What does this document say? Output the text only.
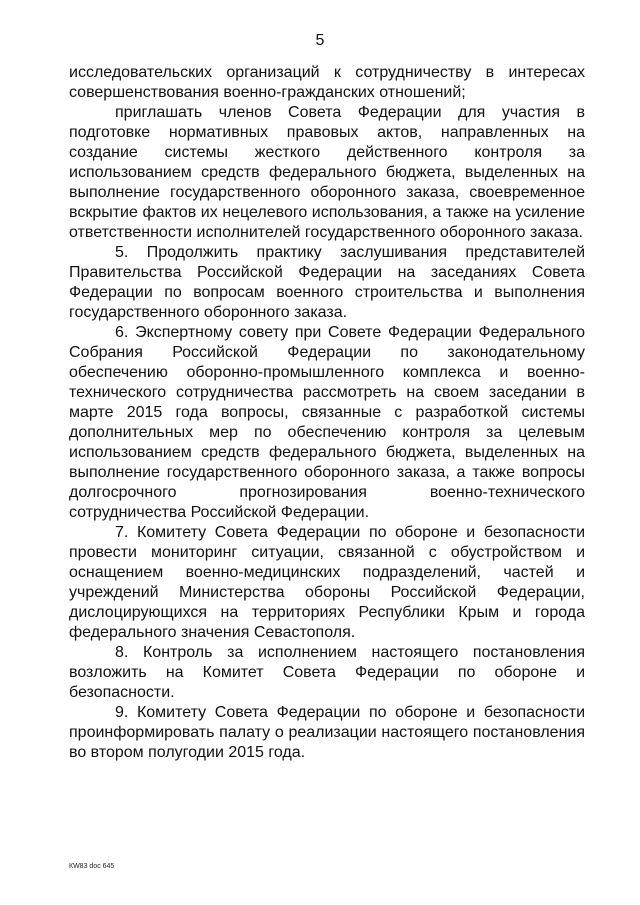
5

исследовательских организаций к сотрудничеству в интересах совершенствования военно-гражданских отношений;

приглашать членов Совета Федерации для участия в подготовке нормативных правовых актов, направленных на создание системы жесткого действенного контроля за использованием средств федерального бюджета, выделенных на выполнение государственного оборонного заказа, своевременное вскрытие фактов их нецелевого использования, а также на усиление ответственности исполнителей государственного оборонного заказа.

5. Продолжить практику заслушивания представителей Правительства Российской Федерации на заседаниях Совета Федерации по вопросам военного строительства и выполнения государственного оборонного заказа.

6. Экспертному совету при Совете Федерации Федерального Собрания Российской Федерации по законодательному обеспечению оборонно-промышленного комплекса и военно-технического сотрудничества рассмотреть на своем заседании в марте 2015 года вопросы, связанные с разработкой системы дополнительных мер по обеспечению контроля за целевым использованием средств федерального бюджета, выделенных на выполнение государственного оборонного заказа, а также вопросы долгосрочного прогнозирования военно-технического сотрудничества Российской Федерации.

7. Комитету Совета Федерации по обороне и безопасности провести мониторинг ситуации, связанной с обустройством и оснащением военно-медицинских подразделений, частей и учреждений Министерства обороны Российской Федерации, дислоцирующихся на территориях Республики Крым и города федерального значения Севастополя.

8. Контроль за исполнением настоящего постановления возложить на Комитет Совета Федерации по обороне и безопасности.

9. Комитету Совета Федерации по обороне и безопасности проинформировать палату о реализации настоящего постановления во втором полугодии 2015 года.

КW83 doc 645
